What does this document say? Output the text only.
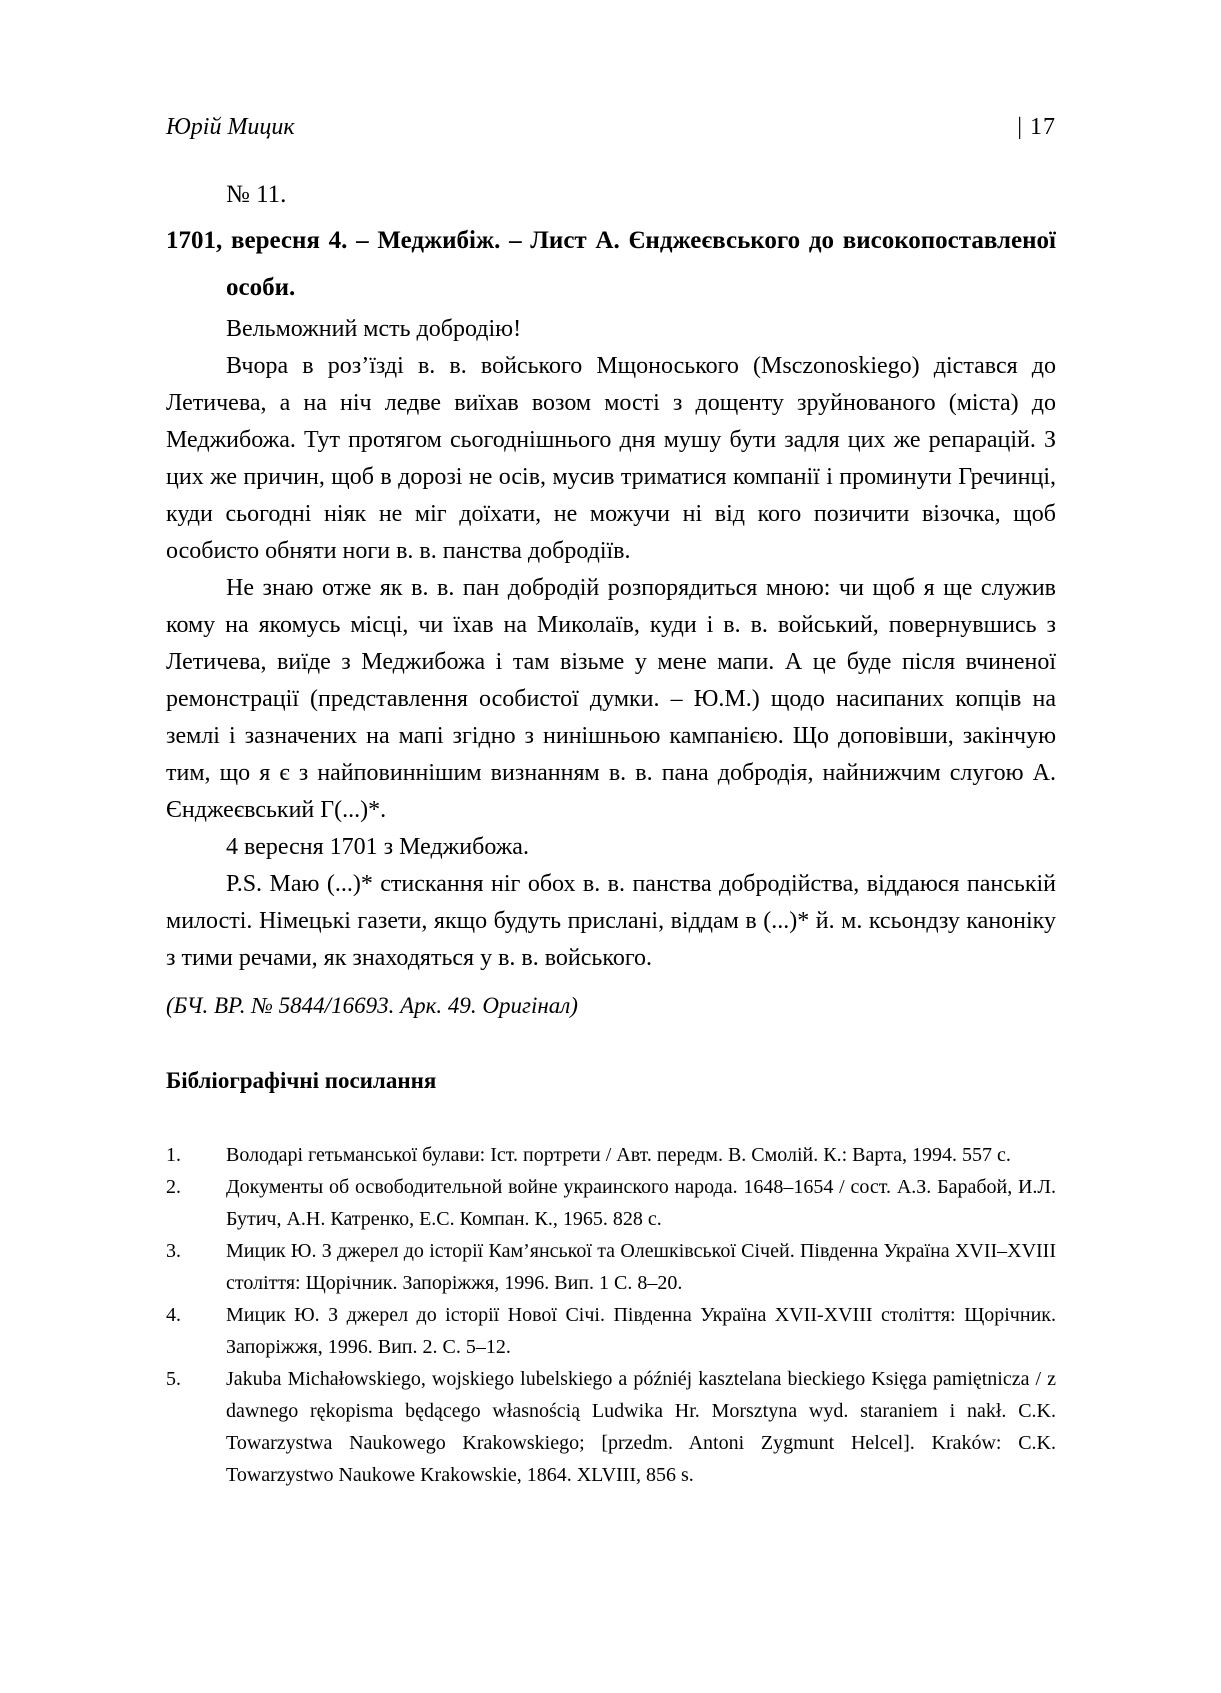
Юрій Мицик	| 17
№ 11.
1701, вересня 4. – Меджибіж. – Лист А. Єнджеєвського до високопоставленої особи.

Вельможний мсть добродію!

Вчора в роз’їзді в. в. войського Мщоноського (Msczonoskiego) дістався до Летичева, а на ніч ледве виїхав возом мості з дощенту зруйнованого (міста) до Меджибожа. Тут протягом сьогоднішнього дня мушу бути задля цих же репарацій. З цих же причин, щоб в дорозі не осів, мусив триматися компанії і проминути Гречинці, куди сьогодні ніяк не міг доїхати, не можучи ні від кого позичити візочка, щоб особисто обняти ноги в. в. панства добродіїв.

Не знаю отже як в. в. пан добродій розпорядиться мною: чи щоб я ще служив кому на якомусь місці, чи їхав на Миколаїв, куди і в. в. войський, повернувшись з Летичева, виїде з Меджибожа і там візьме у мене мапи. А це буде після вчиненої ремонстрації (представлення особистої думки. – Ю.М.) щодо насипаних копців на землі і зазначених на мапі згідно з нинішньою кампанією. Що доповівши, закінчую тим, що я є з найповиннішим визнанням в. в. пана добродія, найнижчим слугою А. Єнджеєвський Г(...)*.

4 вересня 1701 з Меджибожа.

P.S. Маю (...)* стискання ніг обох в. в. панства добродійства, віддаюся панській милості. Німецькі газети, якщо будуть прислані, віддам в (...)* й. м. ксьондзу каноніку з тими речами, як знаходяться у в. в. войського.

(БЧ. ВР. № 5844/16693. Арк. 49. Оригінал)
Бібліографічні посилання
1.	Володарі гетьманської булави: Іст. портрети / Авт. передм. В. Смолій. К.: Варта, 1994. 557 с.
2.	Документы об освободительной войне украинского народа. 1648–1654 / сост. А.З. Барабой, И.Л. Бутич, А.Н. Катренко, Е.С. Компан. К., 1965. 828 с.
3.	Мицик Ю. З джерел до історії Кам’янської та Олешківської Січей. Південна Україна XVII–XVIII століття: Щорічник. Запоріжжя, 1996. Вип. 1 С. 8–20.
4.	Мицик Ю. З джерел до історії Нової Січі. Південна Україна XVII-XVIII століття: Щорічник. Запоріжжя, 1996. Вип. 2. С. 5–12.
5.	Jakuba Michałowskiego, wojskiego lubelskiego a późniéj kasztelana bieckiego Księga pamiętnicza / z dawnego rękopisma będącego własnością Ludwika Hr. Morsztyna wyd. staraniem i nakł. C.K. Towarzystwa Naukowego Krakowskiego; [przedm. Antoni Zygmunt Helcel]. Kraków: C.K. Towarzystwo Naukowe Krakowskie, 1864. XLVIII, 856 s.
